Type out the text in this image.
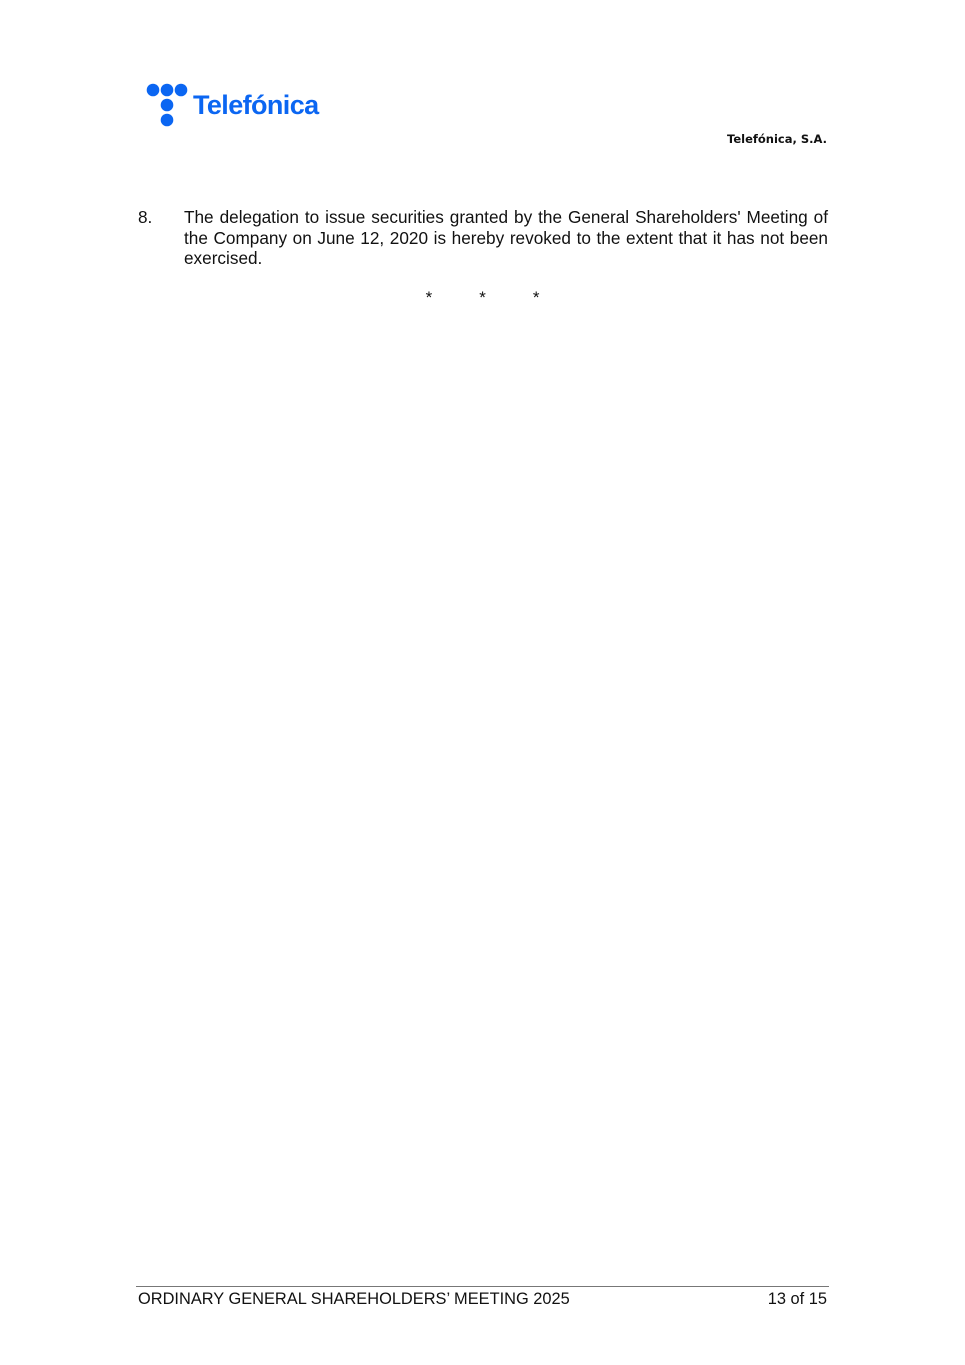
Telefónica
Telefónica, S.A.
8. The delegation to issue securities granted by the General Shareholders' Meeting of the Company on June 12, 2020 is hereby revoked to the extent that it has not been exercised.
*	*	*
ORDINARY GENERAL SHAREHOLDERS’ MEETING 2025	13 of 15
